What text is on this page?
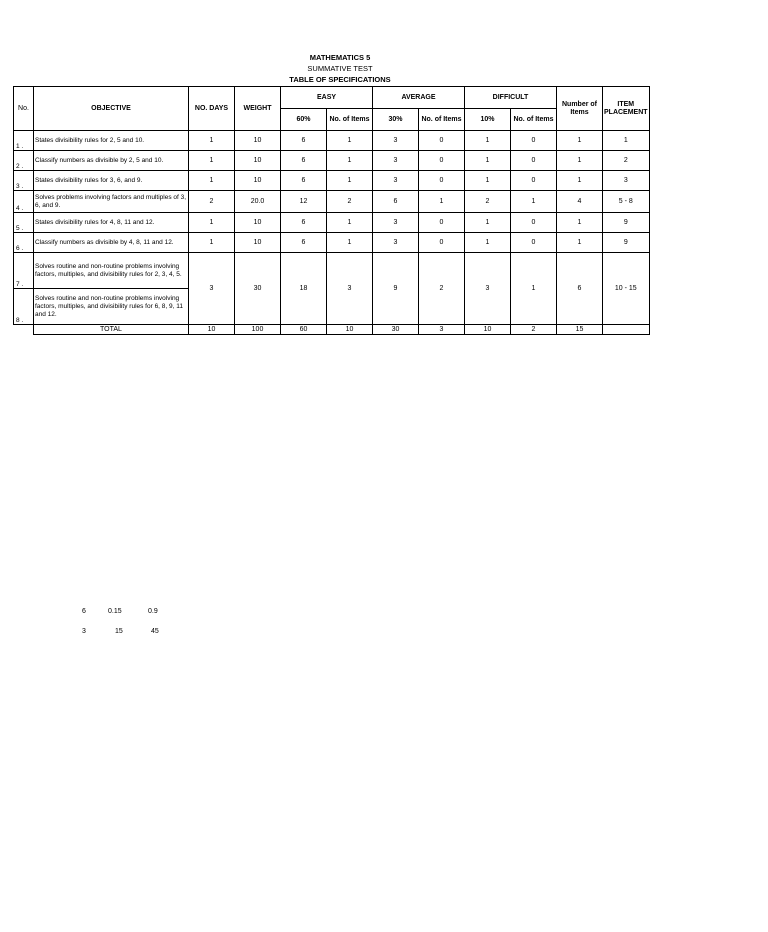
MATHEMATICS 5
SUMMATIVE TEST
TABLE OF SPECIFICATIONS
No.	OBJECTIVE	NO. DAYS	WEIGHT	EASY		AVERAGE		DIFFICULT		Number of Items	ITEM PLACEMENT
				60%	No. of Items	30%	No. of Items	10%	No. of Items		
1 .	States divisibility rules for 2, 5 and 10.	1	10	6	1	3	0	1	0	1	1
2 .	Classify numbers as divisible by 2, 5 and 10.	1	10	6	1	3	0	1	0	1	2
3 .	States divisibility rules for 3, 6, and 9.	1	10	6	1	3	0	1	0	1	3
4 .	Solves problems involving factors and multiples of 3, 6, and 9.	2	20.0	12	2	6	1	2	1	4	5 - 8
5 .	States divisibility rules for 4, 8, 11 and 12.	1	10	6	1	3	0	1	0	1	9
6 .	Classify numbers as divisible by 4, 8, 11 and 12.	1	10	6	1	3	0	1	0	1	9
7 .	Solves routine and non-routine problems involving factors, multiples, and divisibility rules for 2, 3, 4, 5.	3	30	18	3	9	2	3	1	6	10 - 15
8 .	Solves routine and non-routine problems involving factors, multiples, and divisibility rules for 6, 8, 9, 11 and 12.										
	TOTAL	10	100	60	10	30	3	10	2	15	
6	0.15	0.9
3	15	45
